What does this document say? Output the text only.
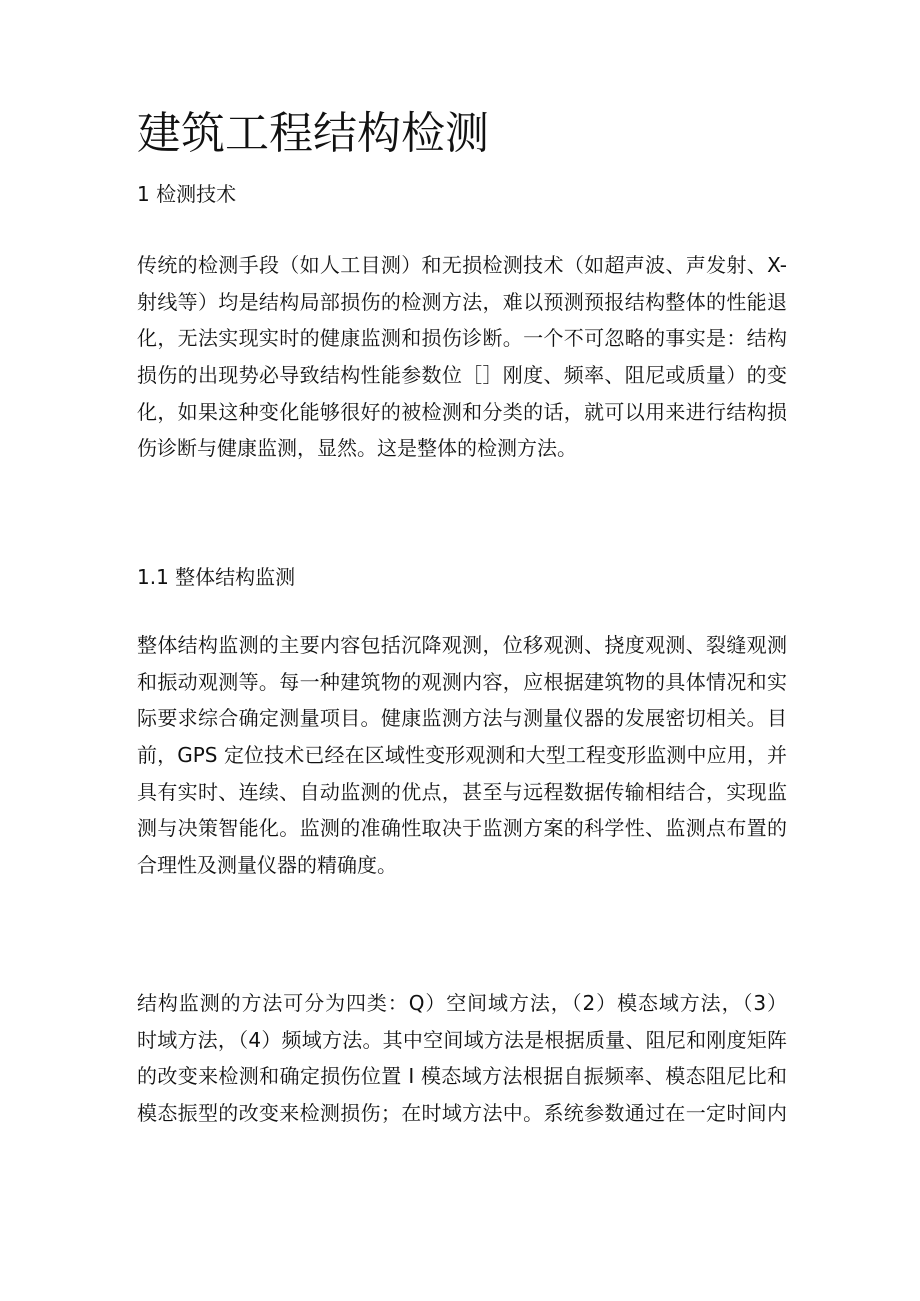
建筑工程结构检测
1 检测技术
传统的检测手段（如人工目测）和无损检测技术（如超声波、声发射、X-
射线等）均是结构局部损伤的检测方法，难以预测预报结构整体的性能退
化，无法实现实时的健康监测和损伤诊断。一个不可忽略的事实是：结构
损伤的出现势必导致结构性能参数位［］刚度、频率、阻尼或质量）的变
化，如果这种变化能够很好的被检测和分类的话，就可以用来进行结构损
伤诊断与健康监测，显然。这是整体的检测方法。
1.1 整体结构监测
整体结构监测的主要内容包括沉降观测，位移观测、挠度观测、裂缝观测
和振动观测等。每一种建筑物的观测内容，应根据建筑物的具体情况和实
际要求综合确定测量项目。健康监测方法与测量仪器的发展密切相关。目
前，GPS 定位技术已经在区域性变形观测和大型工程变形监测中应用，并
具有实时、连续、自动监测的优点，甚至与远程数据传输相结合，实现监
测与决策智能化。监测的准确性取决于监测方案的科学性、监测点布置的
合理性及测量仪器的精确度。
结构监测的方法可分为四类：Q）空间域方法，（2）模态域方法，（3）
时域方法，（4）频域方法。其中空间域方法是根据质量、阻尼和刚度矩阵
的改变来检测和确定损伤位置 I 模态域方法根据自振频率、模态阻尼比和
模态振型的改变来检测损伤；在时域方法中。系统参数通过在一定时间内
